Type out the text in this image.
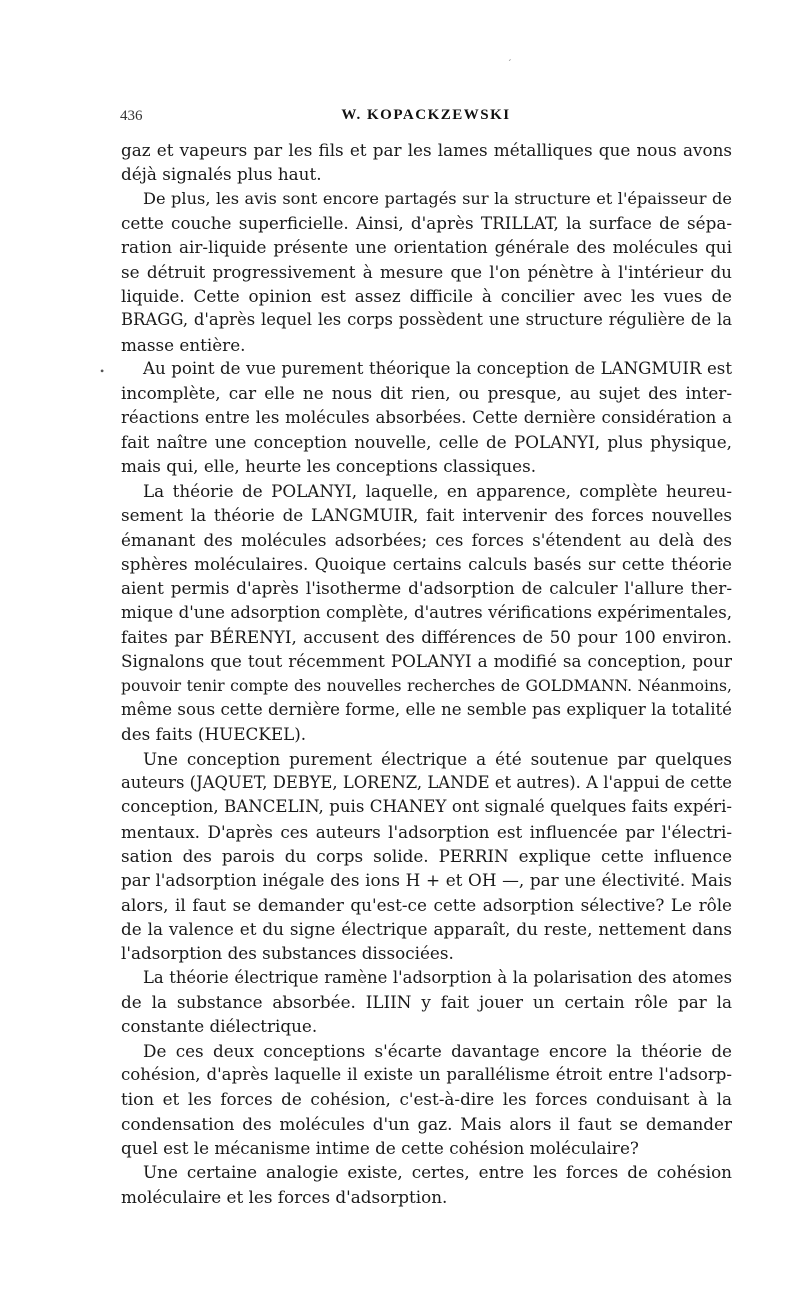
´
436	W. KOPACKZEWSKI
•
gaz et vapeurs par les fils et par les lames métalliques que nous avons
déjà signalés plus haut.
De plus, les avis sont encore partagés sur la structure et l'épaisseur de
cette couche superficielle. Ainsi, d'après TRILLAT, la surface de sépa-
ration air-liquide présente une orientation générale des molécules qui
se détruit progressivement à mesure que l'on pénètre à l'intérieur du
liquide. Cette opinion est assez difficile à concilier avec les vues de
BRAGG, d'après lequel les corps possèdent une structure régulière de la
masse entière.
Au point de vue purement théorique la conception de LANGMUIR est
incomplète, car elle ne nous dit rien, ou presque, au sujet des inter-
réactions entre les molécules absorbées. Cette dernière considération a
fait naître une conception nouvelle, celle de POLANYI, plus physique,
mais qui, elle, heurte les conceptions classiques.
La théorie de POLANYI, laquelle, en apparence, complète heureu-
sement la théorie de LANGMUIR, fait intervenir des forces nouvelles
émanant des molécules adsorbées; ces forces s'étendent au delà des
sphères moléculaires. Quoique certains calculs basés sur cette théorie
aient permis d'après l'isotherme d'adsorption de calculer l'allure ther-
mique d'une adsorption complète, d'autres vérifications expérimentales,
faites par BÉRENYI, accusent des différences de 50 pour 100 environ.
Signalons que tout récemment POLANYI a modifié sa conception, pour
pouvoir tenir compte des nouvelles recherches de GOLDMANN. Néanmoins,
même sous cette dernière forme, elle ne semble pas expliquer la totalité
des faits (HUECKEL).
Une conception purement électrique a été soutenue par quelques
auteurs (JAQUET, DEBYE, LORENZ, LANDE et autres). A l'appui de cette
conception, BANCELIN, puis CHANEY ont signalé quelques faits expéri-
mentaux. D'après ces auteurs l'adsorption est influencée par l'électri-
sation des parois du corps solide. PERRIN explique cette influence
par l'adsorption inégale des ions H + et OH —, par une électivité. Mais
alors, il faut se demander qu'est-ce cette adsorption sélective? Le rôle
de la valence et du signe électrique apparaît, du reste, nettement dans
l'adsorption des substances dissociées.
La théorie électrique ramène l'adsorption à la polarisation des atomes
de la substance absorbée. ILIIN y fait jouer un certain rôle par la
constante diélectrique.
De ces deux conceptions s'écarte davantage encore la théorie de
cohésion, d'après laquelle il existe un parallélisme étroit entre l'adsorp-
tion et les forces de cohésion, c'est-à-dire les forces conduisant à la
condensation des molécules d'un gaz. Mais alors il faut se demander
quel est le mécanisme intime de cette cohésion moléculaire?
Une certaine analogie existe, certes, entre les forces de cohésion
moléculaire et les forces d'adsorption.
